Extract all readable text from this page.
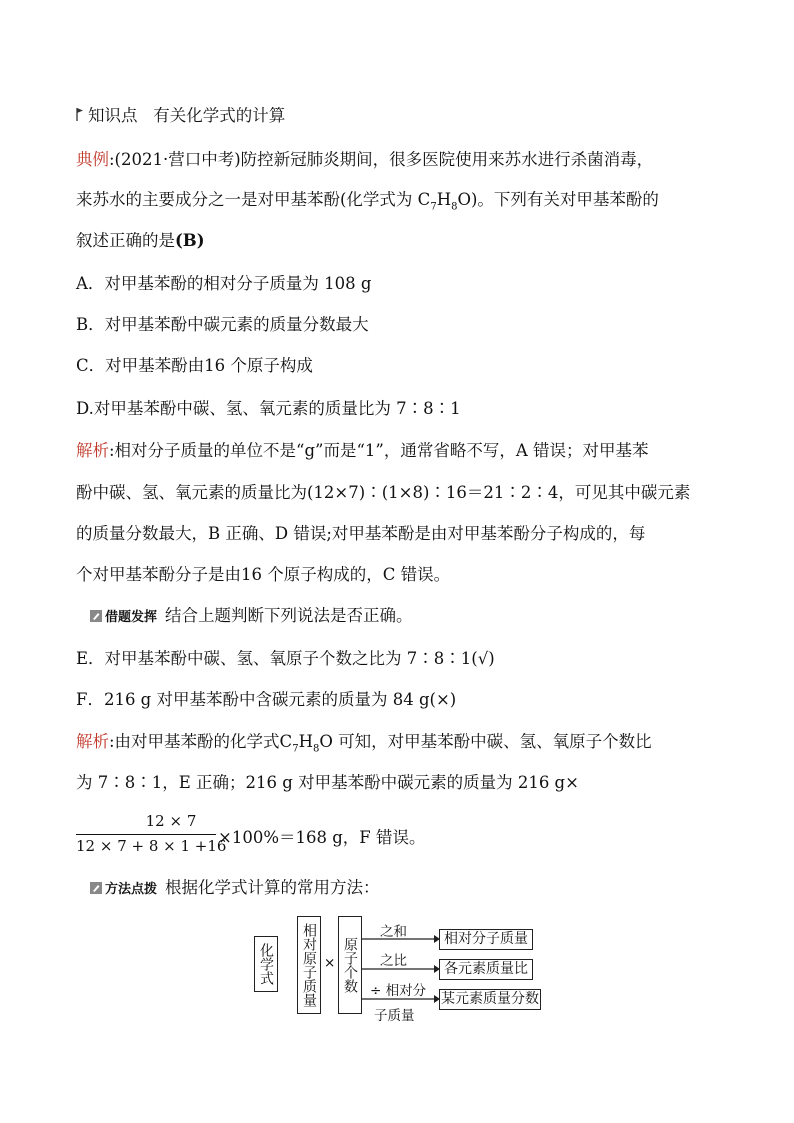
知识点 有关化学式的计算
典例:(2021·营口中考)防控新冠肺炎期间，很多医院使用来苏水进行杀菌消毒，
来苏水的主要成分之一是对甲基苯酚(化学式为 $C_7H_8O$)。下列有关对甲基苯酚的
叙述正确的是(B)
A．对甲基苯酚的相对分子质量为 108 g
B．对甲基苯酚中碳元素的质量分数最大
C．对甲基苯酚由16 个原子构成
D.对甲基苯酚中碳、氢、氧元素的质量比为 7∶8∶1
解析:相对分子质量的单位不是“g”而是“1”，通常省略不写，A 错误；对甲基苯
酚中碳、氢、氧元素的质量比为(12×7)∶(1×8)∶16＝21∶2∶4，可见其中碳元素
的质量分数最大，B 正确、D 错误;对甲基苯酚是由对甲基苯酚分子构成的，每
个对甲基苯酚分子是由16 个原子构成的，C 错误。
借题发挥 结合上题判断下列说法是否正确。
E．对甲基苯酚中碳、氢、氧原子个数之比为 7∶8∶1(√)
F．216 g 对甲基苯酚中含碳元素的质量为 84 g(×)
解析:由对甲基苯酚的化学式$C_7H_8O$ 可知，对甲基苯酚中碳、氢、氧原子个数比
为 7∶8∶1，E 正确；216 g 对甲基苯酚中碳元素的质量为 216 g×
12 × 7
12 × 7 + 8 × 1 +16
×100%＝168 g，F 错误。
方法点拨 根据化学式计算的常用方法：
化学式 相对原子质量 × 原子个数
之和
之比
÷ 相对分
子质量
相对分子质量
各元素质量比
某元素质量分数
